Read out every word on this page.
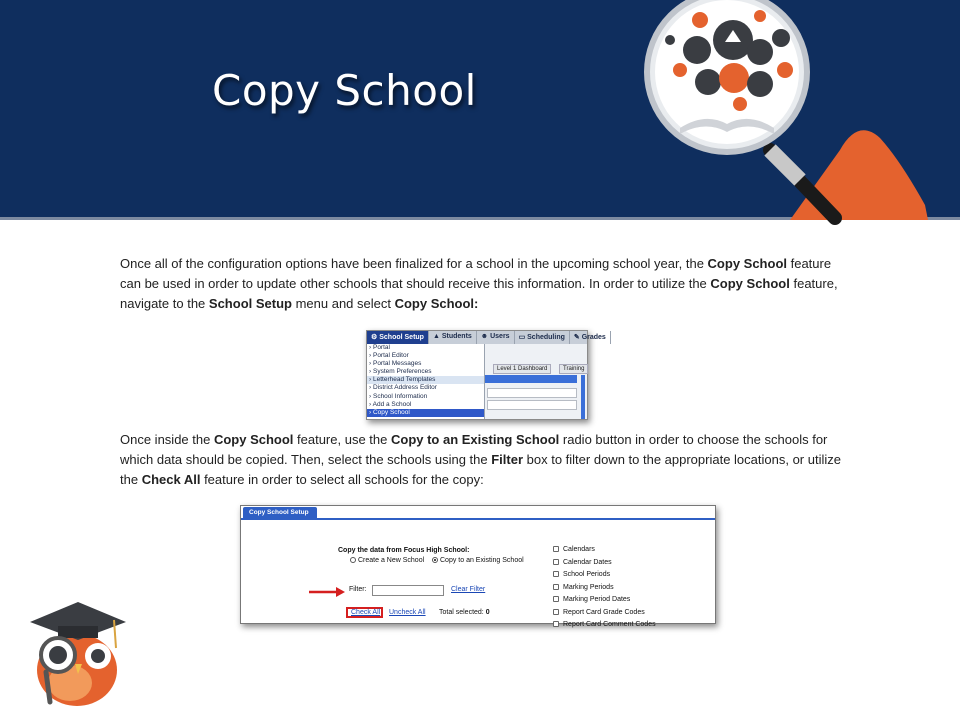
Copy School
Once all of the configuration options have been finalized for a school in the upcoming school year, the Copy School feature can be used in order to update other schools that should receive this information. In order to utilize the Copy School feature, navigate to the School Setup menu and select Copy School:
⚙ School Setup	▲ Students	☻ Users	▭ Scheduling	✎ Grades
› Portal
› Portal Editor
› Portal Messages
› System Preferences
› Letterhead Templates
› District Address Editor
› School Information
› Add a School
› Copy School
Level 1 Dashboard	Training
Once inside the Copy School feature, use the Copy to an Existing School radio button in order to choose the schools for which data should be copied. Then, select the schools using the Filter box to filter down to the appropriate locations, or utilize the Check All feature in order to select all schools for the copy:
Copy School Setup
Copy the data from Focus High School:
Create a New School	Copy to an Existing School
Filter:	Clear Filter
Check All Uncheck All Total selected: 0
Calendars
Calendar Dates
School Periods
Marking Periods
Marking Period Dates
Report Card Grade Codes
Report Card Comment Codes
